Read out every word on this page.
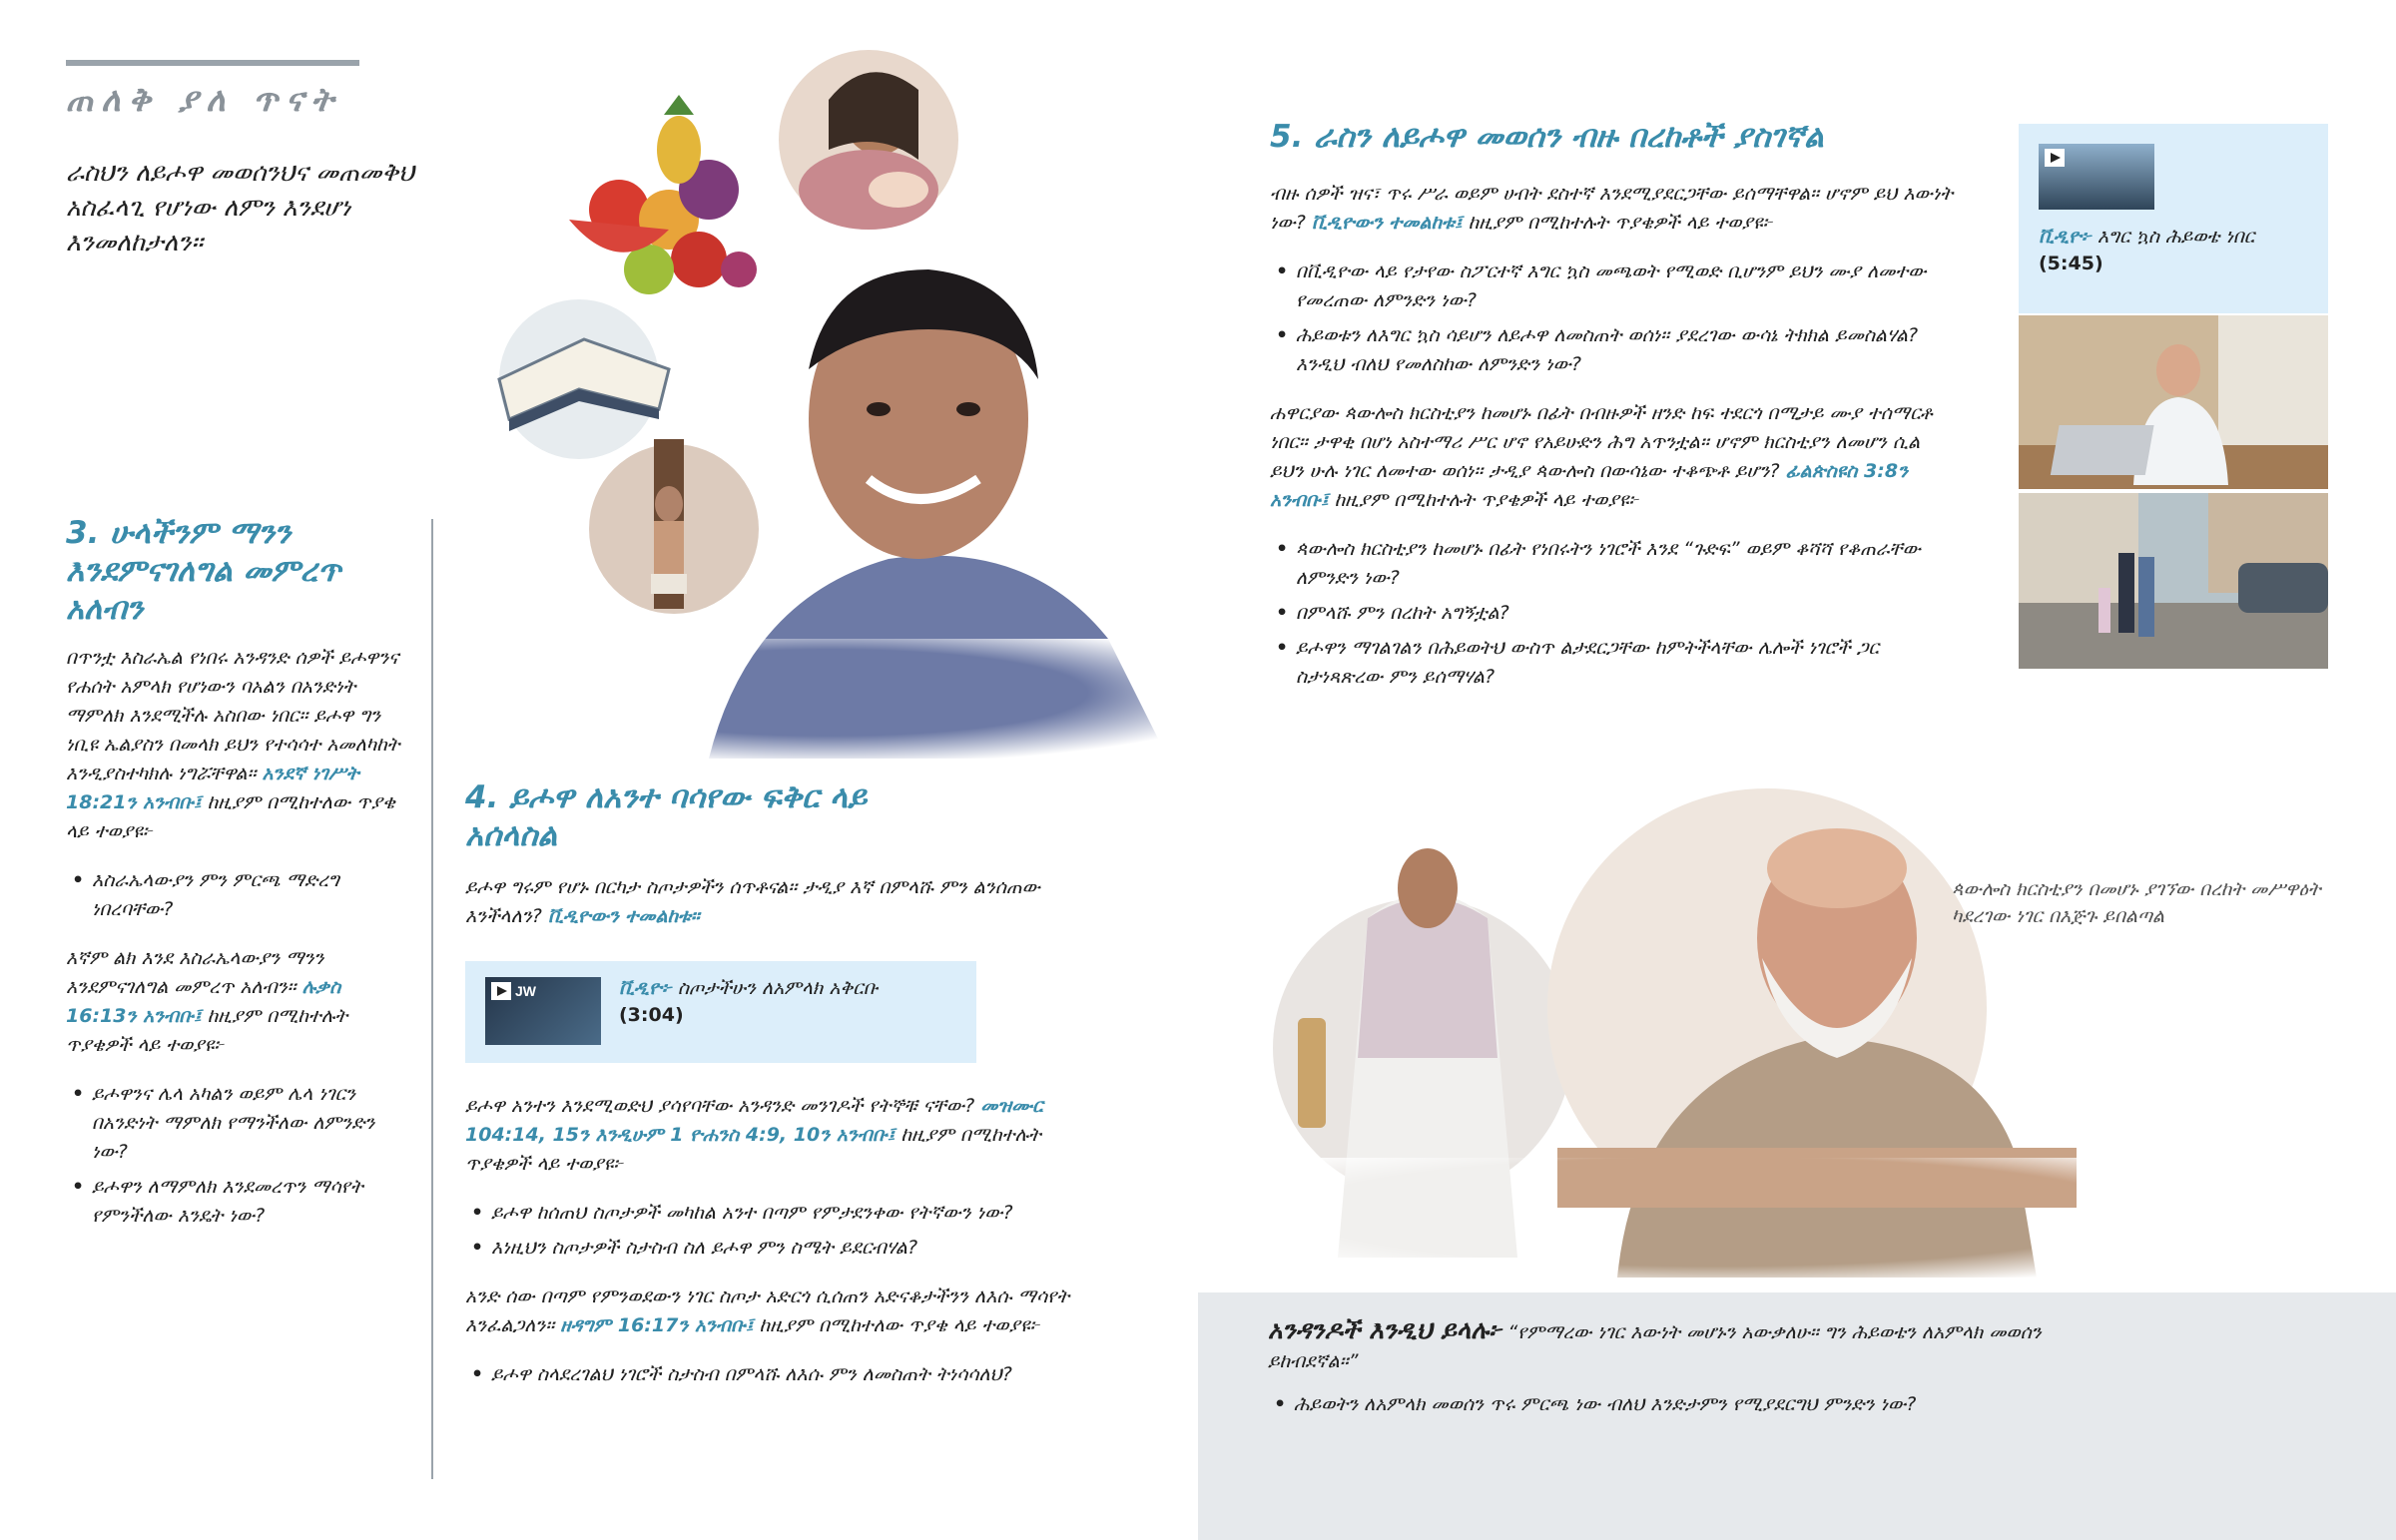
ጠለቅ ያለ ጥናት
ራስህን ለይሖዋ መወሰንህና መጠመቅህ አስፈላጊ የሆነው ለምን እንደሆነ እንመለከታለን።
3. ሁላችንም ማንን እንደምናገለግል መምረጥ አለብን

በጥንቷ እስራኤል የነበሩ አንዳንድ ሰዎች ይሖዋንና የሐሰት አምላክ የሆነውን ባአልን በአንድነት ማምለክ እንደሚችሉ አስበው ነበር። ይሖዋ ግን ነቢዩ ኤልያስን በመላክ ይህን የተሳሳተ አመለካከት እንዲያስተካክሉ ነግሯቸዋል። አንደኛ ነገሥት 18:21ን አንብቡ፤ ከዚያም በሚከተለው ጥያቄ ላይ ተወያዩ፦

• እስራኤላውያን ምን ምርጫ ማድረግ ነበረባቸው?

እኛም ልክ እንደ እስራኤላውያን ማንን እንደምናገለግል መምረጥ አለብን። ሉቃስ 16:13ን አንብቡ፤ ከዚያም በሚከተሉት ጥያቄዎች ላይ ተወያዩ፦

• ይሖዋንና ሌላ አካልን ወይም ሌላ ነገርን በአንድነት ማምለክ የማንችለው ለምንድን ነው?
• ይሖዋን ለማምለክ እንደመረጥን ማሳየት የምንችለው እንዴት ነው?
4. ይሖዋ ለአንተ ባሳየው ፍቅር ላይ አሰላስል

ይሖዋ ግሩም የሆኑ በርካታ ስጦታዎችን ሰጥቶናል። ታዲያ እኛ በምላሹ ምን ልንሰጠው እንችላለን? ቪዲዮውን ተመልከቱ።

JW	ቪዲዮ፦ ስጦታችሁን ለአምላክ አቅርቡ
(3:04)

ይሖዋ አንተን እንደሚወድህ ያሳየባቸው አንዳንድ መንገዶች የትኞቹ ናቸው? መዝሙር 104:14, 15ን እንዲሁም 1 ዮሐንስ 4:9, 10ን አንብቡ፤ ከዚያም በሚከተሉት ጥያቄዎች ላይ ተወያዩ፦

• ይሖዋ ከሰጠህ ስጦታዎች መካከል አንተ በጣም የምታደንቀው የትኛውን ነው?
• እነዚህን ስጦታዎች ስታስብ ስለ ይሖዋ ምን ስሜት ይደርብሃል?

አንድ ሰው በጣም የምንወደውን ነገር ስጦታ አድርጎ ሲሰጠን አድናቆታችንን ለእሱ ማሳየት እንፈልጋለን። ዘዳግም 16:17ን አንብቡ፤ ከዚያም በሚከተለው ጥያቄ ላይ ተወያዩ፦

• ይሖዋ ስላደረገልህ ነገሮች ስታስብ በምላሹ ለእሱ ምን ለመስጠት ትነሳሳለህ?
5. ራስን ለይሖዋ መወሰን ብዙ በረከቶች ያስገኛል

ብዙ ሰዎች ዝና፣ ጥሩ ሥራ ወይም ሀብት ደስተኛ እንደሚያደርጋቸው ይሰማቸዋል። ሆኖም ይህ እውነት ነው? ቪዲዮውን ተመልከቱ፤ ከዚያም በሚከተሉት ጥያቄዎች ላይ ተወያዩ፦

• በቪዲዮው ላይ የታየው ስፖርተኛ እግር ኳስ መጫወት የሚወድ ቢሆንም ይህን ሙያ ለመተው የመረጠው ለምንድን ነው?
• ሕይወቱን ለእግር ኳስ ሳይሆን ለይሖዋ ለመስጠት ወሰነ። ያደረገው ውሳኔ ትክክል ይመስልሃል? እንዲህ ብለህ የመለስከው ለምንድን ነው?

ሐዋርያው ጳውሎስ ክርስቲያን ከመሆኑ በፊት በብዙዎች ዘንድ ከፍ ተደርጎ በሚታይ ሙያ ተሰማርቶ ነበር። ታዋቂ በሆነ አስተማሪ ሥር ሆኖ የአይሁድን ሕግ አጥንቷል። ሆኖም ክርስቲያን ለመሆን ሲል ይህን ሁሉ ነገር ለመተው ወሰነ። ታዲያ ጳውሎስ በውሳኔው ተቆጭቶ ይሆን? ፊልጵስዩስ 3:8ን አንብቡ፤ ከዚያም በሚከተሉት ጥያቄዎች ላይ ተወያዩ፦

• ጳውሎስ ክርስቲያን ከመሆኑ በፊት የነበሩትን ነገሮች እንደ “ጉድፍ” ወይም ቆሻሻ የቆጠራቸው ለምንድን ነው?
• በምላሹ ምን በረከት አግኝቷል?
• ይሖዋን ማገልገልን በሕይወትህ ውስጥ ልታደርጋቸው ከምትችላቸው ሌሎች ነገሮች ጋር ስታነጻጽረው ምን ይሰማሃል?
ቪዲዮ፦ እግር ኳስ ሕይወቴ ነበር
(5:45)
ጳውሎስ ክርስቲያን በመሆኑ ያገኘው በረከት መሥዋዕት ካደረገው ነገር በእጅጉ ይበልጣል

አንዳንዶች እንዲህ ይላሉ፦ “የምማረው ነገር እውነት መሆኑን አውቃለሁ። ግን ሕይወቴን ለአምላክ መወሰን ይከብደኛል።”

• ሕይወትን ለአምላክ መወሰን ጥሩ ምርጫ ነው ብለህ እንድታምን የሚያደርግህ ምንድን ነው?
